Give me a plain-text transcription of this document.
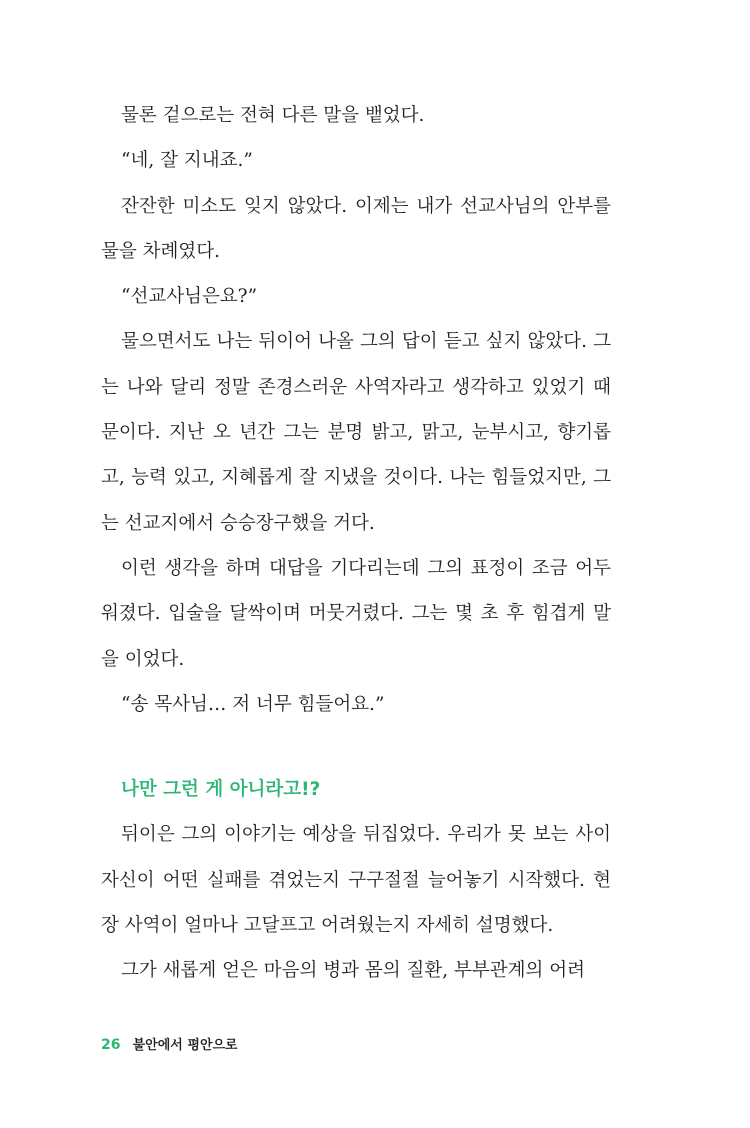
물론 겉으로는 전혀 다른 말을 뱉었다.

“네, 잘 지내죠.”

잔잔한 미소도 잊지 않았다. 이제는 내가 선교사님의 안부를 물을 차례였다.

“선교사님은요?”

물으면서도 나는 뒤이어 나올 그의 답이 듣고 싶지 않았다. 그는 나와 달리 정말 존경스러운 사역자라고 생각하고 있었기 때문이다. 지난 오 년간 그는 분명 밝고, 맑고, 눈부시고, 향기롭고, 능력 있고, 지혜롭게 잘 지냈을 것이다. 나는 힘들었지만, 그는 선교지에서 승승장구했을 거다.

이런 생각을 하며 대답을 기다리는데 그의 표정이 조금 어두워졌다. 입술을 달싹이며 머뭇거렸다. 그는 몇 초 후 힘겹게 말을 이었다.

“송 목사님… 저 너무 힘들어요.”

나만 그런 게 아니라고!?

뒤이은 그의 이야기는 예상을 뒤집었다. 우리가 못 보는 사이 자신이 어떤 실패를 겪었는지 구구절절 늘어놓기 시작했다. 현장 사역이 얼마나 고달프고 어려웠는지 자세히 설명했다.

그가 새롭게 얻은 마음의 병과 몸의 질환, 부부관계의 어려

26 불안에서 평안으로
